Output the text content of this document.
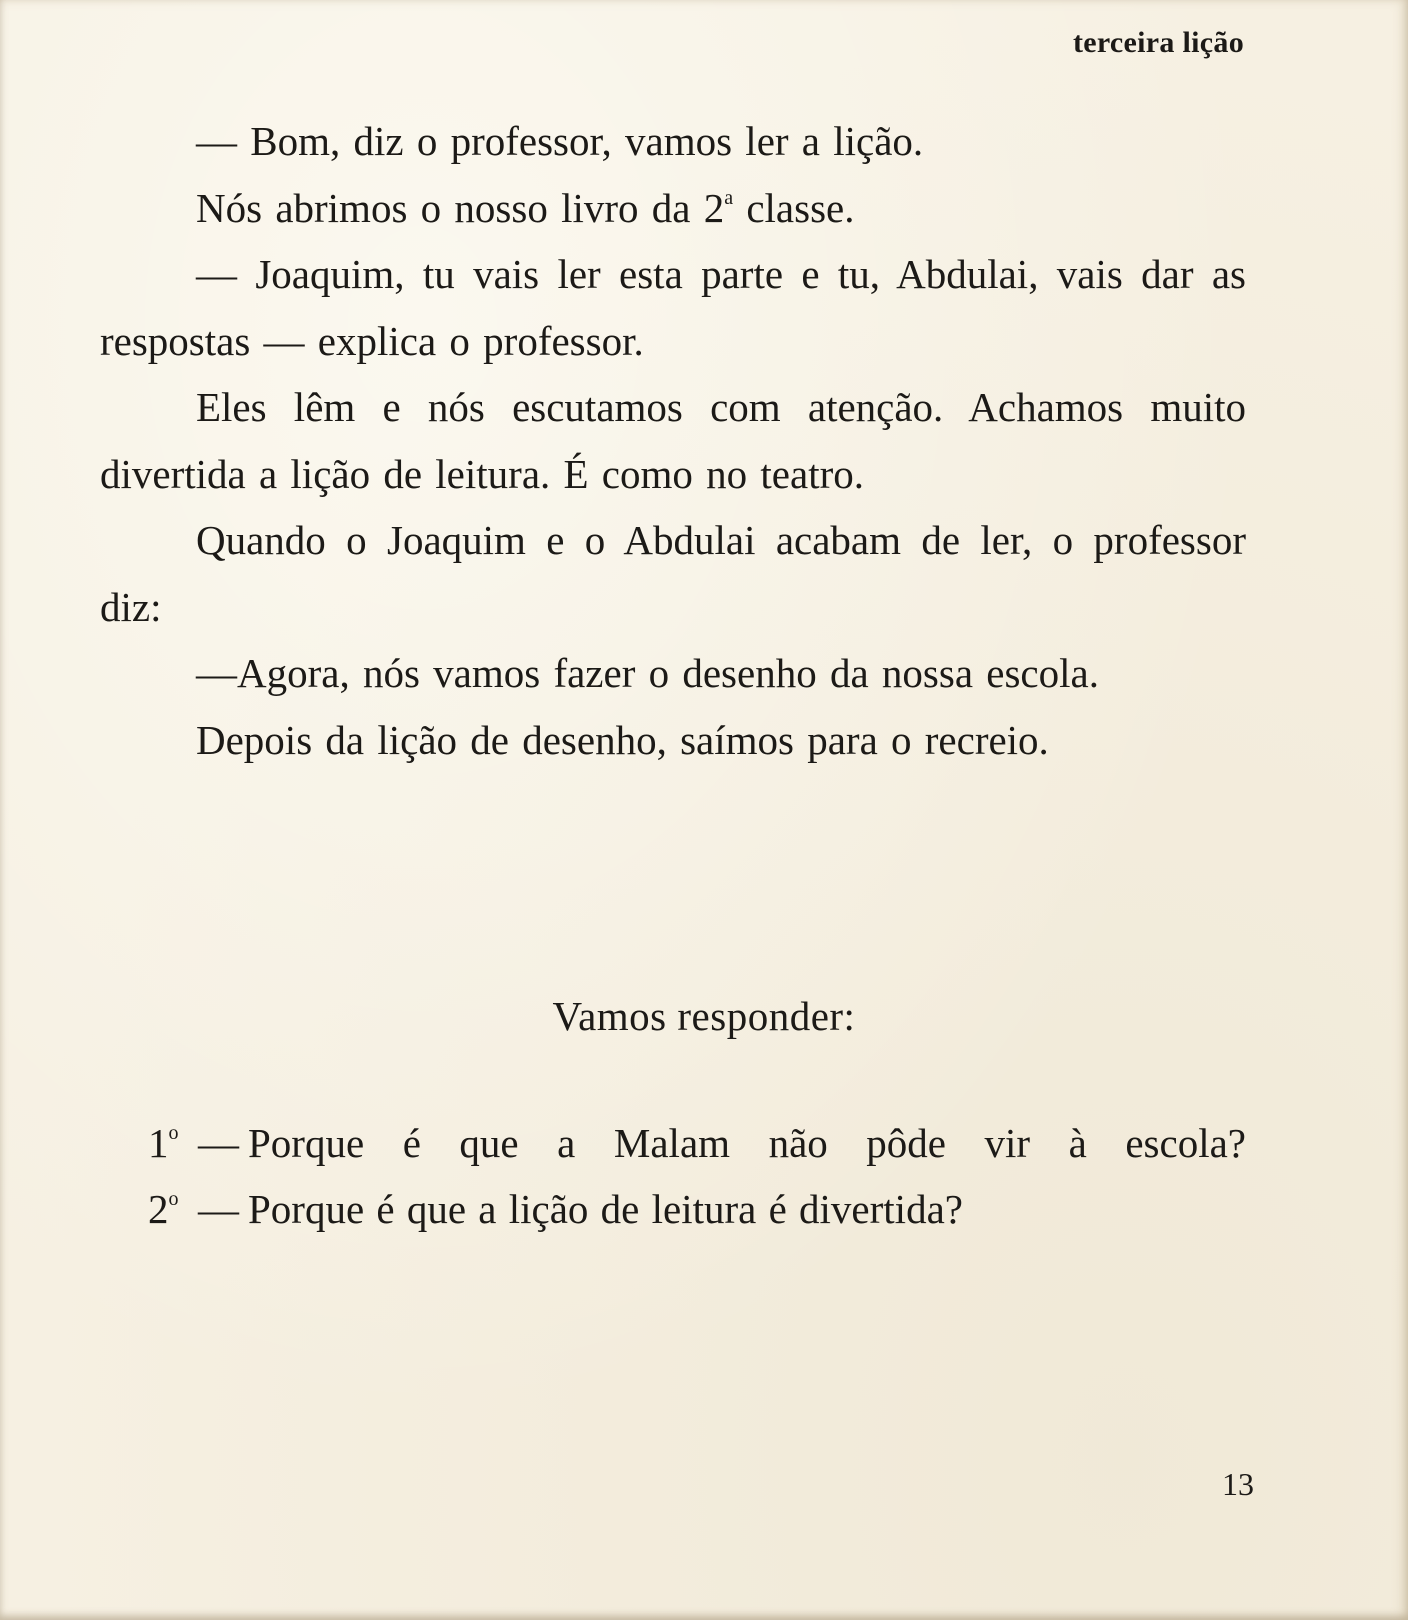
terceira lição

— Bom, diz o professor, vamos ler a lição.

Nós abrimos o nosso livro da 2$^a$ classe.

— Joaquim, tu vais ler esta parte e tu, Abdulai, vais dar as respostas — explica o professor.

Eles lêm e nós escutamos com atenção. Achamos muito divertida a lição de leitura. É como no teatro.

Quando o Joaquim e o Abdulai acabam de ler, o professor diz:

—Agora, nós vamos fazer o desenho da nossa escola.

Depois da lição de desenho, saímos para o recreio.

Vamos responder:
1$^o$ — Porque é que a Malam não pôde vir à escola?
2$^o$ — Porque é que a lição de leitura é divertida?
13
